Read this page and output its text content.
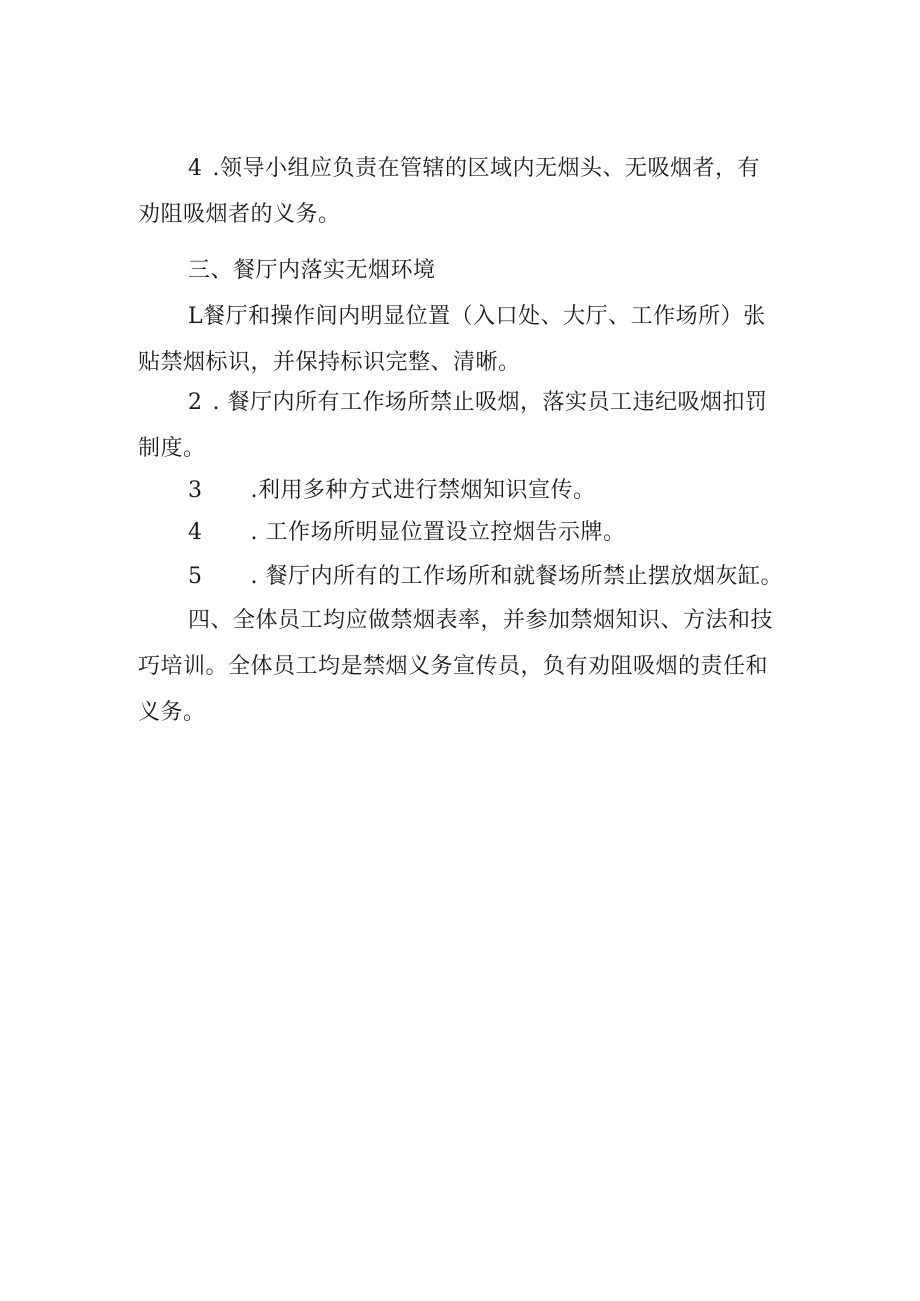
4 .领导小组应负责在管辖的区域内无烟头、无吸烟者，有
劝阻吸烟者的义务。
三、餐厅内落实无烟环境
L餐厅和操作间内明显位置（入口处、大厅、工作场所）张
贴禁烟标识，并保持标识完整、清晰。
2 . 餐厅内所有工作场所禁止吸烟，落实员工违纪吸烟扣罚
制度。
3 .利用多种方式进行禁烟知识宣传。
4 . 工作场所明显位置设立控烟告示牌。
5 . 餐厅内所有的工作场所和就餐场所禁止摆放烟灰缸。
四、全体员工均应做禁烟表率，并参加禁烟知识、方法和技
巧培训。全体员工均是禁烟义务宣传员，负有劝阻吸烟的责任和
义务。
